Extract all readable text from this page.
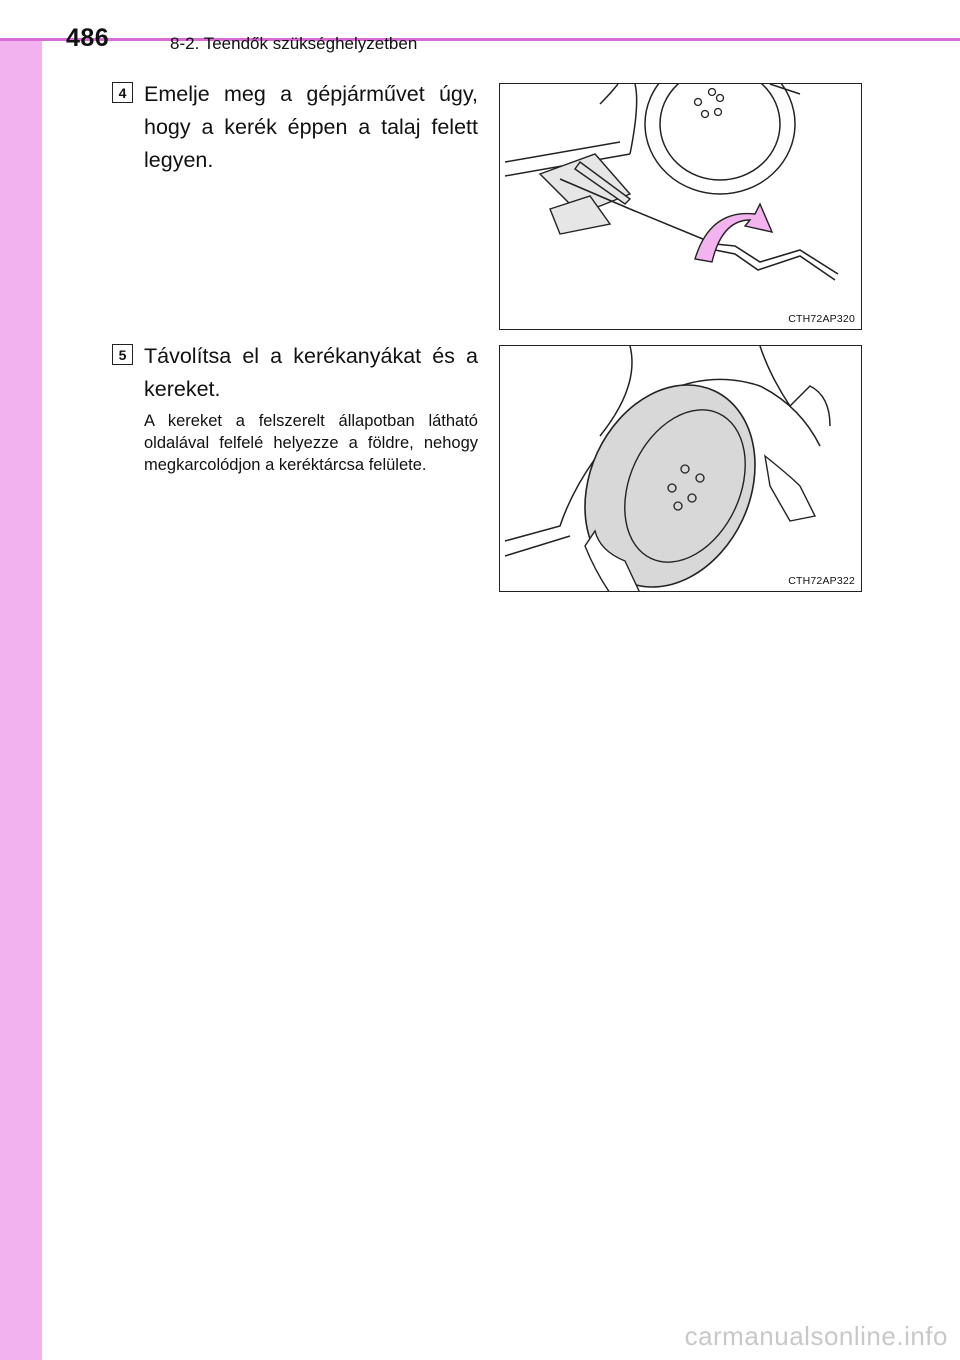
486	8-2. Teendők szükséghelyzetben
4 Emelje meg a gépjárművet úgy, hogy a kerék éppen a talaj felett legyen.
CTH72AP320
5 Távolítsa el a kerékanyákat és a kereket.
A kereket a felszerelt állapotban látható oldalával felfelé helyezze a földre, nehogy megkarcolódjon a keréktárcsa felülete.
CTH72AP322
carmanualsonline.info
